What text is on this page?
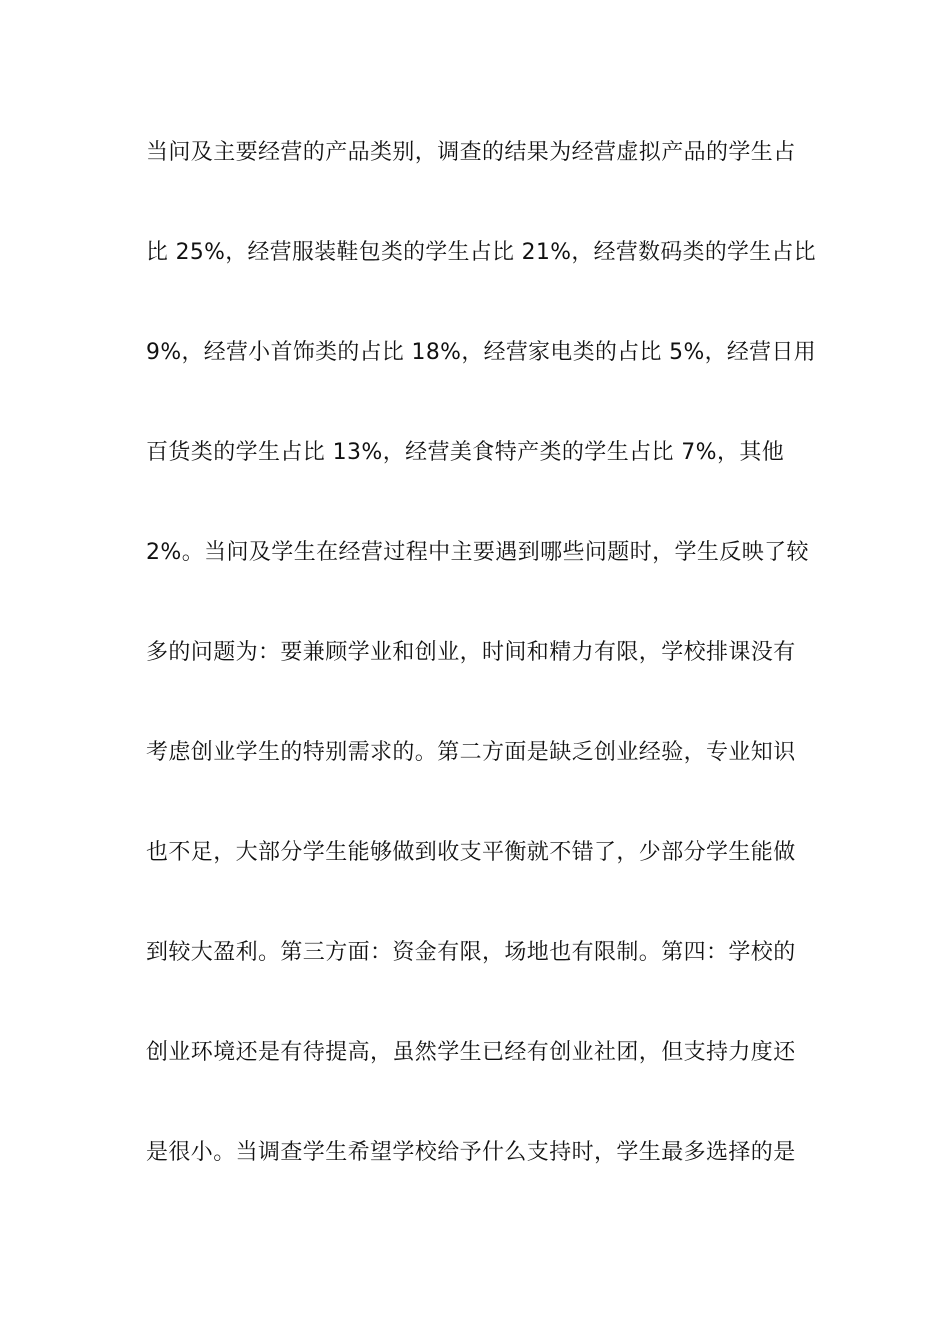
当问及主要经营的产品类别，调查的结果为经营虚拟产品的学生占
比 25%，经营服装鞋包类的学生占比 21%，经营数码类的学生占比
9%，经营小首饰类的占比 18%，经营家电类的占比 5%，经营日用
百货类的学生占比 13%，经营美食特产类的学生占比 7%，其他
2%。当问及学生在经营过程中主要遇到哪些问题时，学生反映了较
多的问题为：要兼顾学业和创业，时间和精力有限，学校排课没有
考虑创业学生的特别需求的。第二方面是缺乏创业经验，专业知识
也不足，大部分学生能够做到收支平衡就不错了，少部分学生能做
到较大盈利。第三方面：资金有限，场地也有限制。第四：学校的
创业环境还是有待提高，虽然学生已经有创业社团，但支持力度还
是很小。当调查学生希望学校给予什么支持时，学生最多选择的是
